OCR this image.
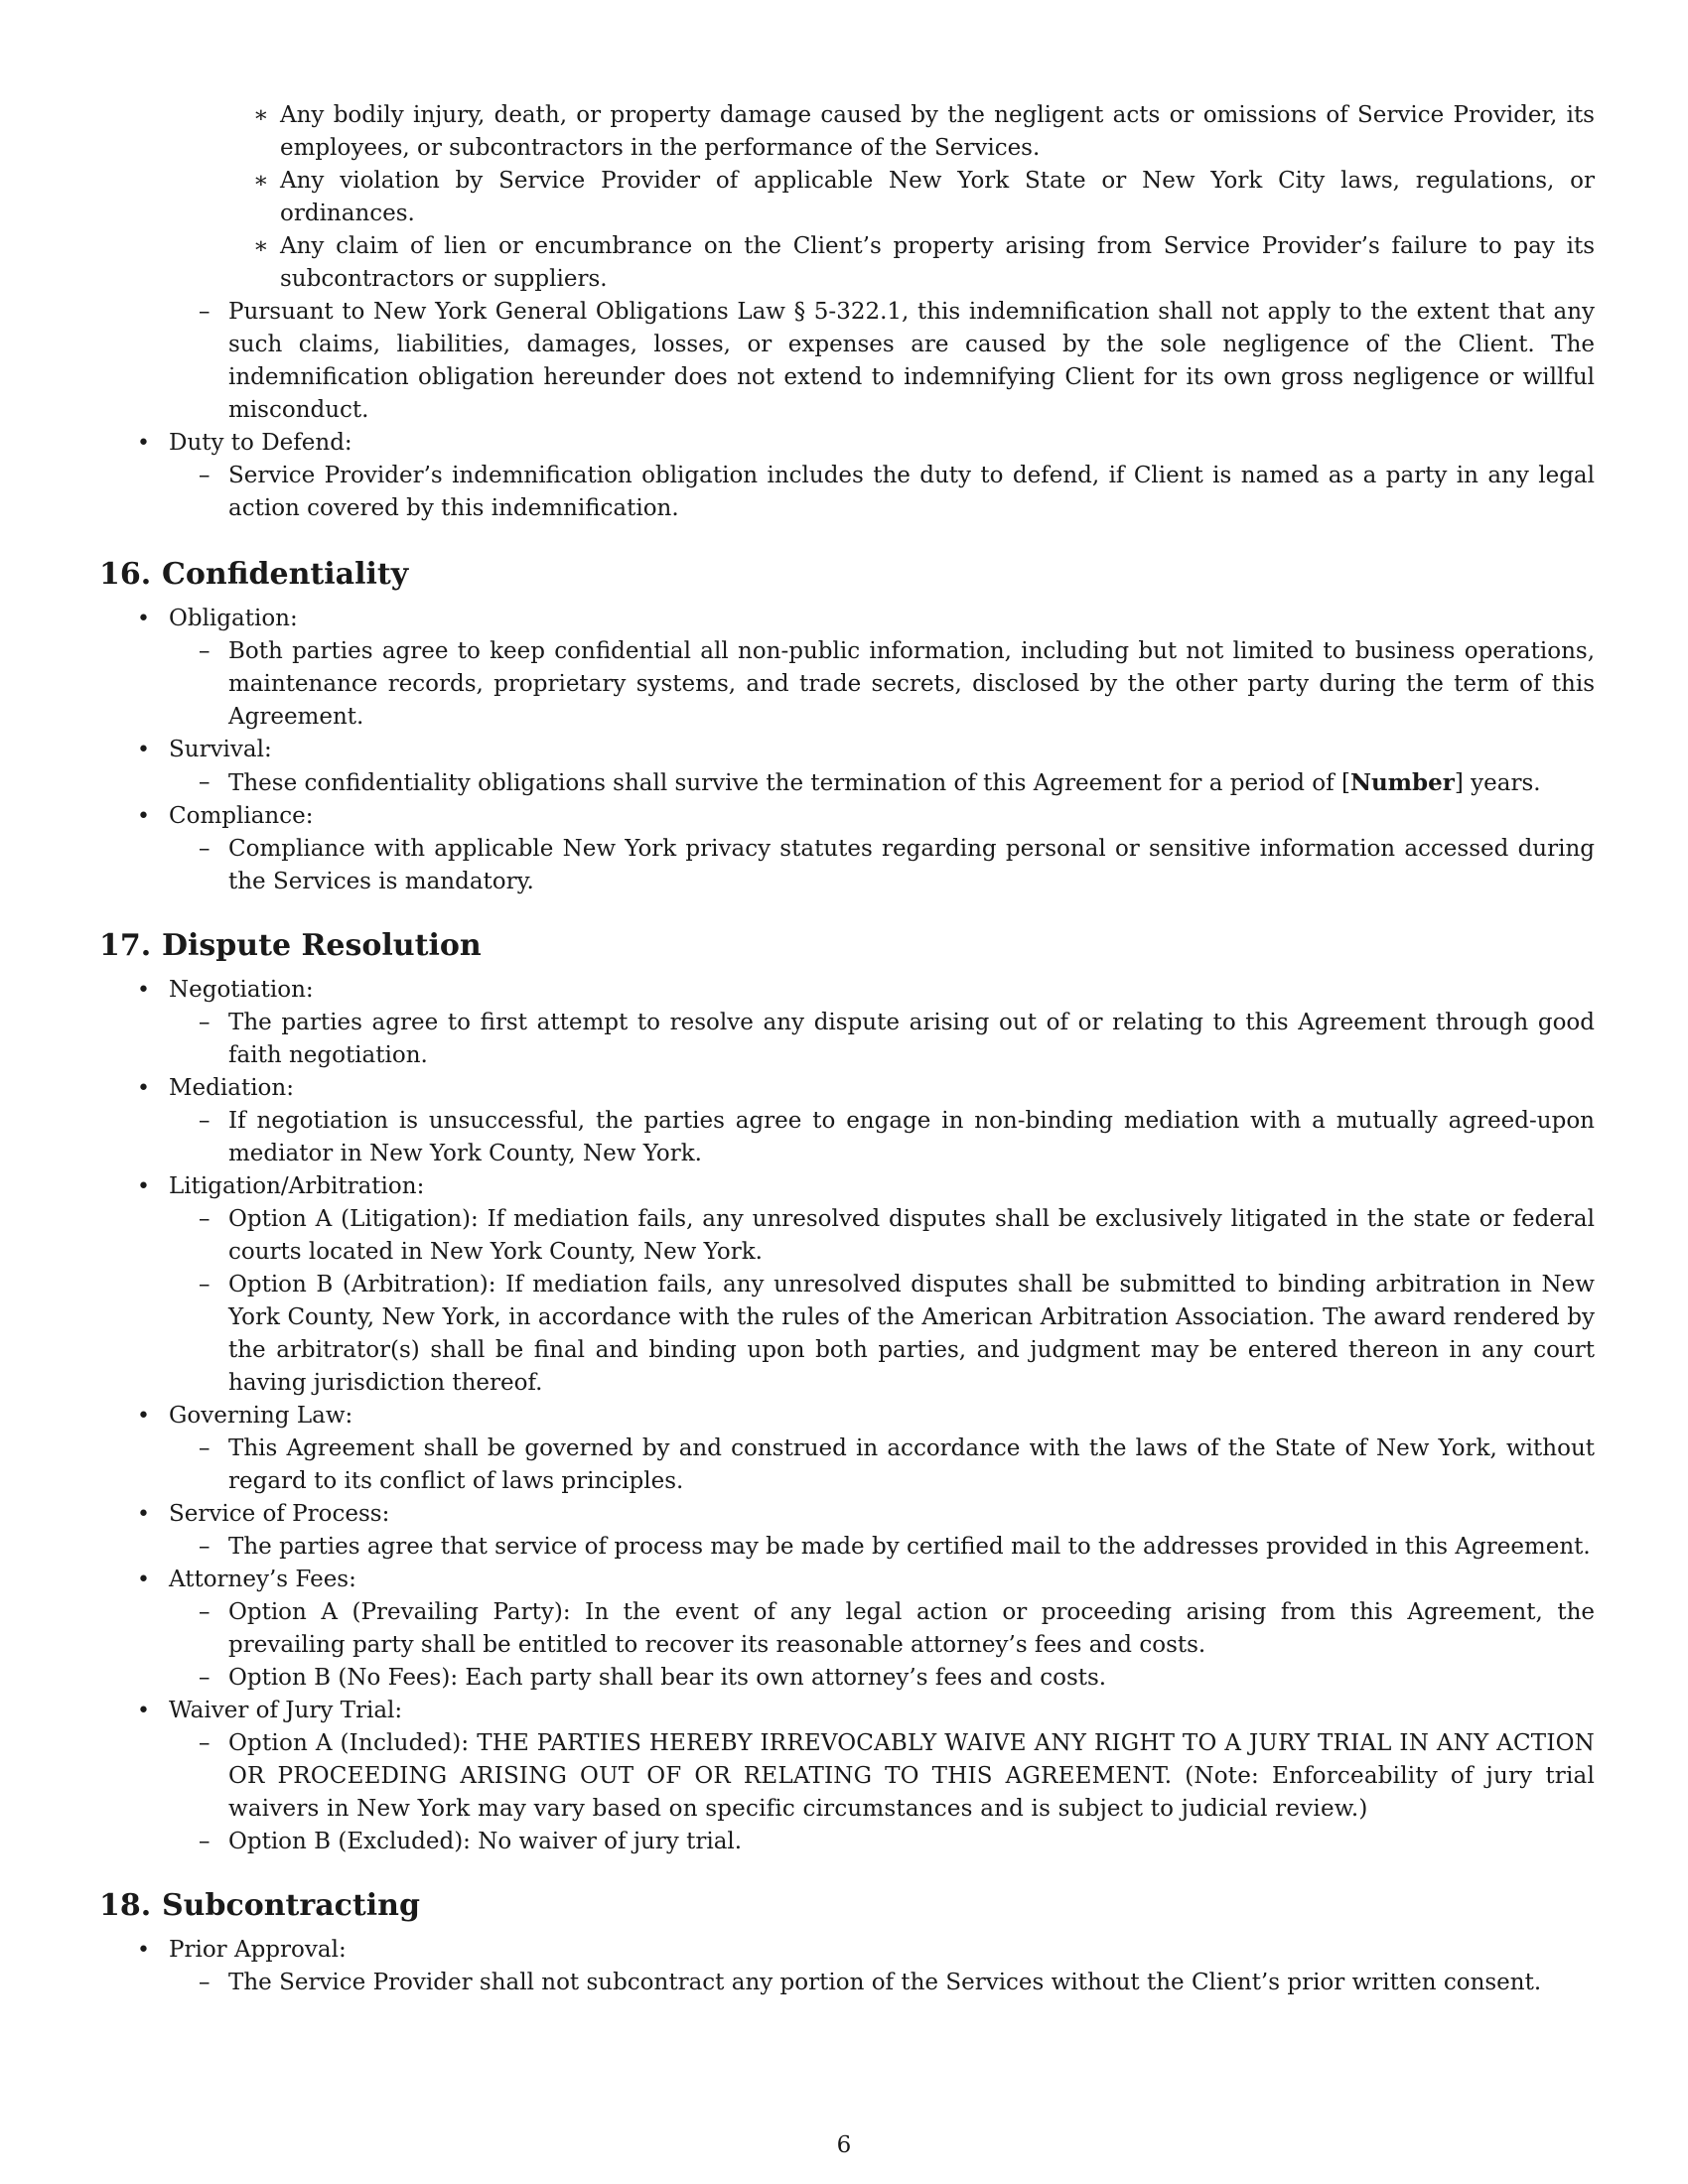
∗ Any bodily injury, death, or property damage caused by the negligent acts or omissions of Service Provider, its employees, or subcontractors in the performance of the Services.
∗ Any violation by Service Provider of applicable New York State or New York City laws, regulations, or ordinances.
∗ Any claim of lien or encumbrance on the Client’s property arising from Service Provider’s failure to pay its subcontractors or suppliers.
– Pursuant to New York General Obligations Law § 5-322.1, this indemnification shall not apply to the extent that any such claims, liabilities, damages, losses, or expenses are caused by the sole negligence of the Client. The indemnification obligation hereunder does not extend to indemnifying Client for its own gross negligence or willful misconduct.
• Duty to Defend:
– Service Provider’s indemnification obligation includes the duty to defend, if Client is named as a party in any legal action covered by this indemnification.
16. Confidentiality
• Obligation:
– Both parties agree to keep confidential all non-public information, including but not limited to business operations, maintenance records, proprietary systems, and trade secrets, disclosed by the other party during the term of this Agreement.
• Survival:
– These confidentiality obligations shall survive the termination of this Agreement for a period of [Number] years.
• Compliance:
– Compliance with applicable New York privacy statutes regarding personal or sensitive information accessed during the Services is mandatory.
17. Dispute Resolution
• Negotiation:
– The parties agree to first attempt to resolve any dispute arising out of or relating to this Agreement through good faith negotiation.
• Mediation:
– If negotiation is unsuccessful, the parties agree to engage in non-binding mediation with a mutually agreed-upon mediator in New York County, New York.
• Litigation/Arbitration:
– Option A (Litigation): If mediation fails, any unresolved disputes shall be exclusively litigated in the state or federal courts located in New York County, New York.
– Option B (Arbitration): If mediation fails, any unresolved disputes shall be submitted to binding arbitration in New York County, New York, in accordance with the rules of the American Arbitration Association. The award rendered by the arbitrator(s) shall be final and binding upon both parties, and judgment may be entered thereon in any court having jurisdiction thereof.
• Governing Law:
– This Agreement shall be governed by and construed in accordance with the laws of the State of New York, without regard to its conflict of laws principles.
• Service of Process:
– The parties agree that service of process may be made by certified mail to the addresses provided in this Agreement.
• Attorney’s Fees:
– Option A (Prevailing Party): In the event of any legal action or proceeding arising from this Agreement, the prevailing party shall be entitled to recover its reasonable attorney’s fees and costs.
– Option B (No Fees): Each party shall bear its own attorney’s fees and costs.
• Waiver of Jury Trial:
– Option A (Included): THE PARTIES HEREBY IRREVOCABLY WAIVE ANY RIGHT TO A JURY TRIAL IN ANY ACTION OR PROCEEDING ARISING OUT OF OR RELATING TO THIS AGREEMENT. (Note: Enforceability of jury trial waivers in New York may vary based on specific circumstances and is subject to judicial review.)
– Option B (Excluded): No waiver of jury trial.
18. Subcontracting
• Prior Approval:
– The Service Provider shall not subcontract any portion of the Services without the Client’s prior written consent.
6
